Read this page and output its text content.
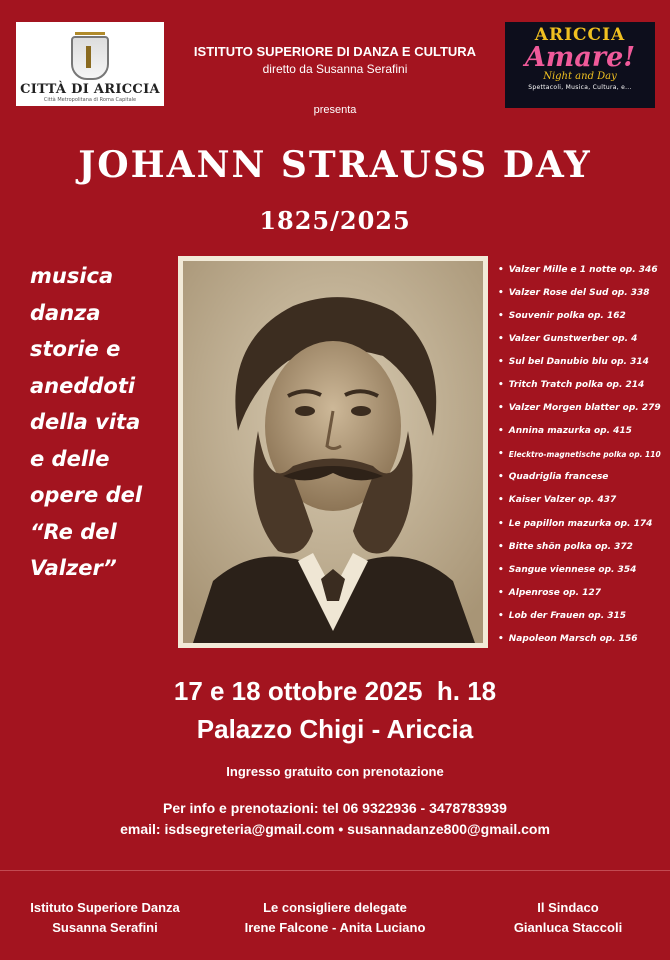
CITTÀ DI ARICCIA
Città Metropolitana di Roma Capitale
ISTITUTO SUPERIORE DI DANZA E CULTURA
diretto da Susanna Serafini
presenta
ARICCIA
Amare!
Night and Day
Spettacoli, Musica, Cultura, e...
JOHANN STRAUSS DAY
1825/2025
musica
danza
storie e
aneddoti
della vita
e delle
opere del
“Re del
Valzer”
• Valzer Mille e 1 notte op. 346
• Valzer Rose del Sud op. 338
• Souvenir polka op. 162
• Valzer Gunstwerber op. 4
• Sul bel Danubio blu op. 314
• Tritch Tratch polka op. 214
• Valzer Morgen blatter op. 279
• Annina mazurka op. 415
• Elecktro-magnetische polka op. 110
• Quadriglia francese
• Kaiser Valzer op. 437
• Le papillon mazurka op. 174
• Bitte shön polka op. 372
• Sangue viennese op. 354
• Alpenrose op. 127
• Lob der Frauen op. 315
• Napoleon Marsch op. 156
17 e 18 ottobre 2025  h. 18
Palazzo Chigi - Ariccia
Ingresso gratuito con prenotazione
Per info e prenotazioni: tel 06 9322936 - 3478783939
email: isdsegreteria@gmail.com • susannadanze800@gmail.com
Istituto Superiore Danza
Susanna Serafini
Le consigliere delegate
Irene Falcone - Anita Luciano
Il Sindaco
Gianluca Staccoli
